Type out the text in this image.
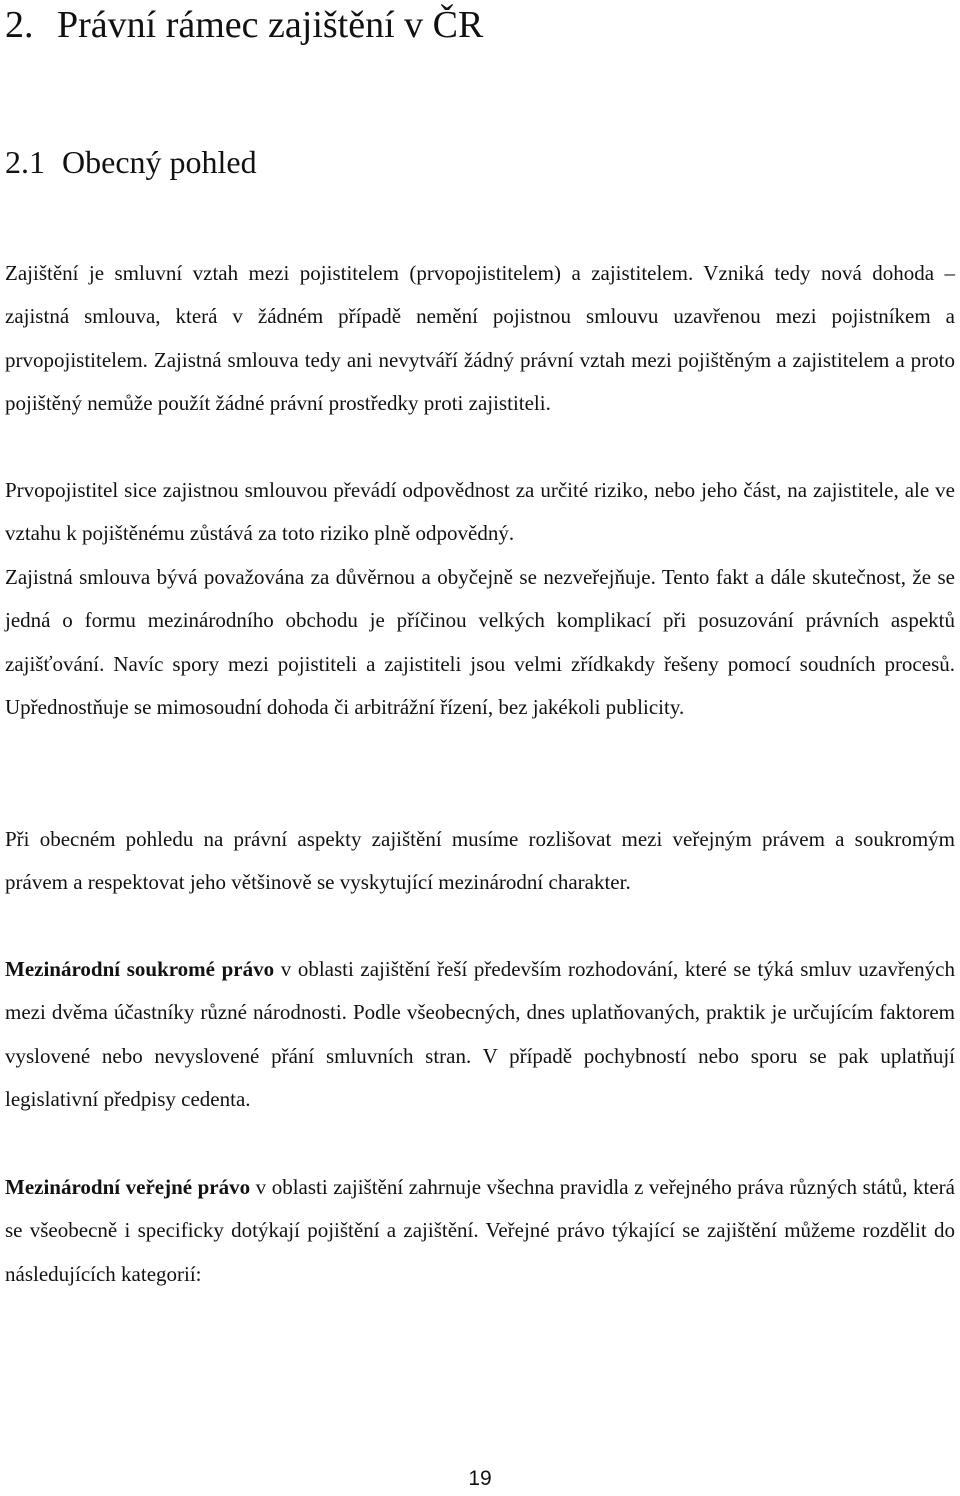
2. Právní rámec zajištění v ČR
2.1 Obecný pohled

Zajištění je smluvní vztah mezi pojistitelem (prvopojistitelem) a zajistitelem. Vzniká tedy nová dohoda – zajistná smlouva, která v žádném případě nemění pojistnou smlouvu uzavřenou mezi pojistníkem a prvopojistitelem. Zajistná smlouva tedy ani nevytváří žádný právní vztah mezi pojištěným a zajistitelem a proto pojištěný nemůže použít žádné právní prostředky proti zajistiteli.

Prvopojistitel sice zajistnou smlouvou převádí odpovědnost za určité riziko, nebo jeho část, na zajistitele, ale ve vztahu k pojištěnému zůstává za toto riziko plně odpovědný.

Zajistná smlouva bývá považována za důvěrnou a obyčejně se nezveřejňuje. Tento fakt a dále skutečnost, že se jedná o formu mezinárodního obchodu je příčinou velkých komplikací při posuzování právních aspektů zajišťování. Navíc spory mezi pojistiteli a zajistiteli jsou velmi zřídkakdy řešeny pomocí soudních procesů. Upřednostňuje se mimosoudní dohoda či arbitrážní řízení, bez jakékoli publicity.

Při obecném pohledu na právní aspekty zajištění musíme rozlišovat mezi veřejným právem a soukromým právem a respektovat jeho většinově se vyskytující mezinárodní charakter.

Mezinárodní soukromé právo v oblasti zajištění řeší především rozhodování, které se týká smluv uzavřených mezi dvěma účastníky různé národnosti. Podle všeobecných, dnes uplatňovaných, praktik je určujícím faktorem vyslovené nebo nevyslovené přání smluvních stran. V případě pochybností nebo sporu se pak uplatňují legislativní předpisy cedenta.

Mezinárodní veřejné právo v oblasti zajištění zahrnuje všechna pravidla z veřejného práva různých států, která se všeobecně i specificky dotýkají pojištění a zajištění. Veřejné právo týkající se zajištění můžeme rozdělit do následujících kategorií:

19
